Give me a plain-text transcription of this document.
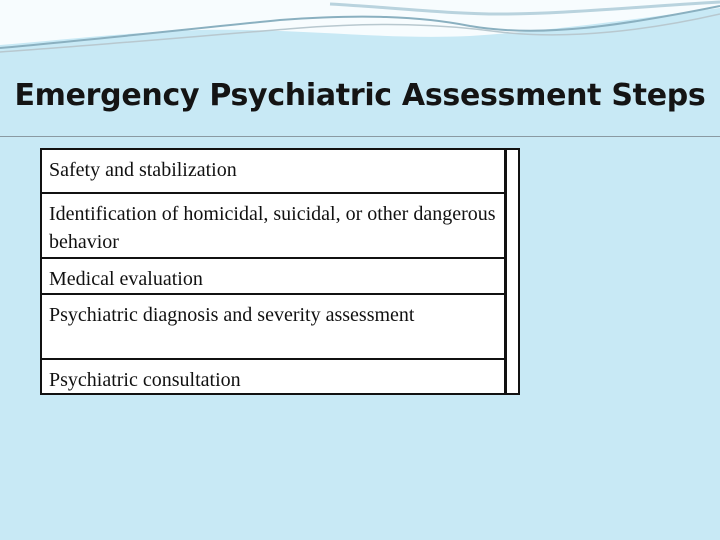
Emergency Psychiatric Assessment Steps
Safety and stabilization
Identification of homicidal, suicidal, or other dangerous behavior
Medical evaluation
Psychiatric diagnosis and severity assessment
Psychiatric consultation
